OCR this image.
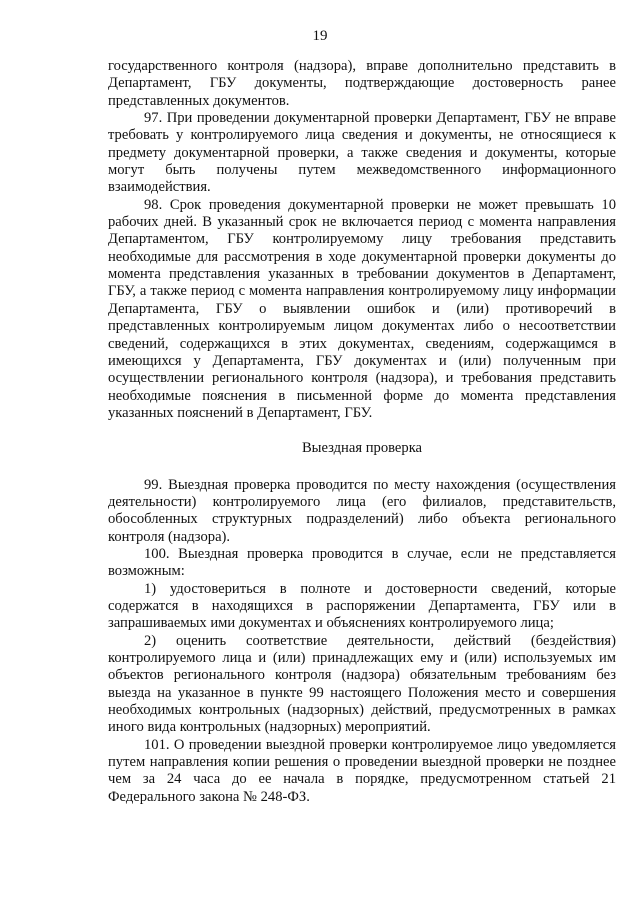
19

государственного контроля (надзора), вправе дополнительно представить в Департамент, ГБУ документы, подтверждающие достоверность ранее представленных документов.

97. При проведении документарной проверки Департамент, ГБУ не вправе требовать у контролируемого лица сведения и документы, не относящиеся к предмету документарной проверки, а также сведения и документы, которые могут быть получены путем межведомственного информационного взаимодействия.

98. Срок проведения документарной проверки не может превышать 10 рабочих дней. В указанный срок не включается период с момента направления Департаментом, ГБУ контролируемому лицу требования представить необходимые для рассмотрения в ходе документарной проверки документы до момента представления указанных в требовании документов в Департамент, ГБУ, а также период с момента направления контролируемому лицу информации Департамента, ГБУ о выявлении ошибок и (или) противоречий в представленных контролируемым лицом документах либо о несоответствии сведений, содержащихся в этих документах, сведениям, содержащимся в имеющихся у Департамента, ГБУ документах и (или) полученным при осуществлении регионального контроля (надзора), и требования представить необходимые пояснения в письменной форме до момента представления указанных пояснений в Департамент, ГБУ.

Выездная проверка

99. Выездная проверка проводится по месту нахождения (осуществления деятельности) контролируемого лица (его филиалов, представительств, обособленных структурных подразделений) либо объекта регионального контроля (надзора).

100. Выездная проверка проводится в случае, если не представляется возможным:

1) удостовериться в полноте и достоверности сведений, которые содержатся в находящихся в распоряжении Департамента, ГБУ или в запрашиваемых ими документах и объяснениях контролируемого лица;

2) оценить соответствие деятельности, действий (бездействия) контролируемого лица и (или) принадлежащих ему и (или) используемых им объектов регионального контроля (надзора) обязательным требованиям без выезда на указанное в пункте 99 настоящего Положения место и совершения необходимых контрольных (надзорных) действий, предусмотренных в рамках иного вида контрольных (надзорных) мероприятий.

101. О проведении выездной проверки контролируемое лицо уведомляется путем направления копии решения о проведении выездной проверки не позднее чем за 24 часа до ее начала в порядке, предусмотренном статьей 21 Федерального закона № 248-ФЗ.
